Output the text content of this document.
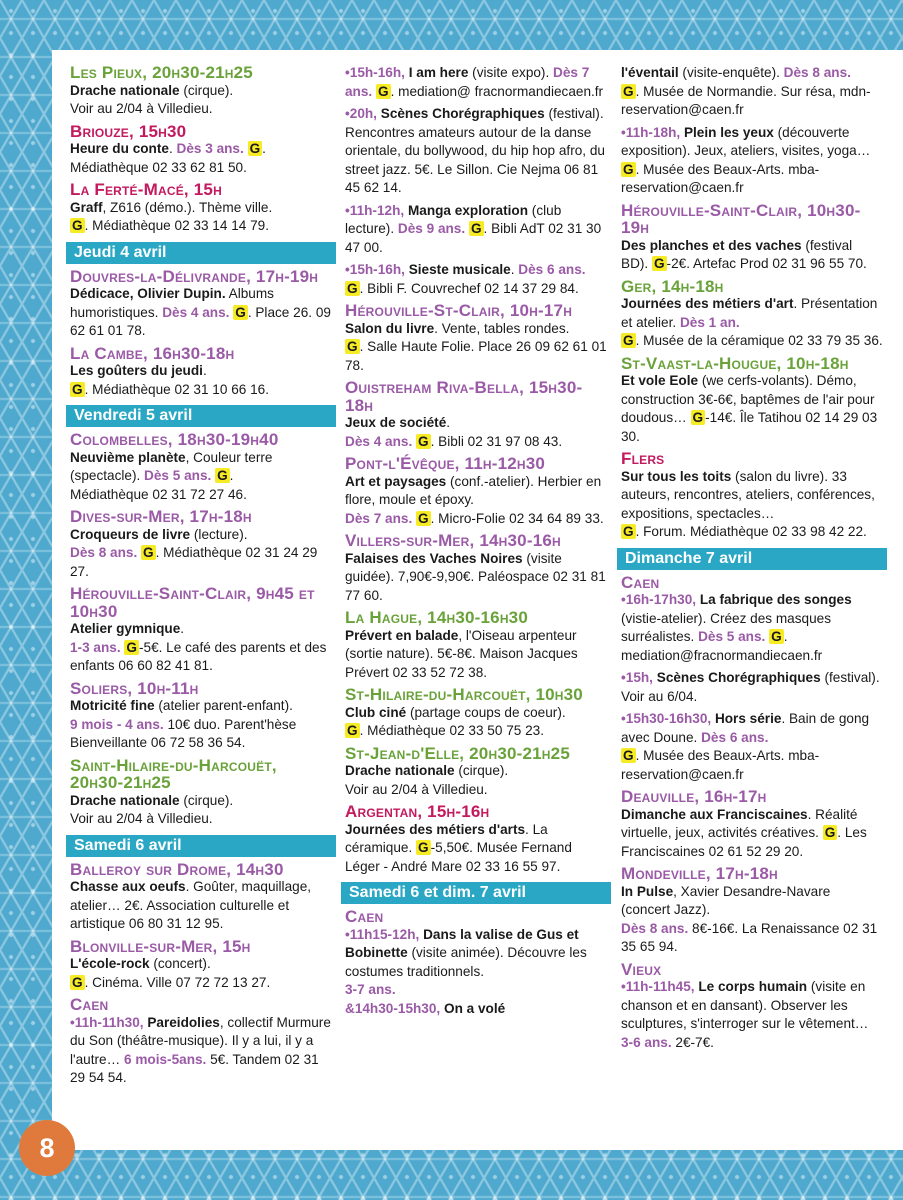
Les Pieux, 20h30-21h25
Drache nationale (cirque).
Voir au 2/04 à Villedieu.
Briouze, 15h30
Heure du conte. Dès 3 ans. G .
Médiathèque 02 33 62 81 50.
La Ferté-Macé, 15h
Graff, Z616 (démo.). Thème ville.
G . Médiathèque 02 33 14 14 79.
Jeudi 4 avril
Douvres-la-Délivrande, 17h-19h
Dédicace, Olivier Dupin. Albums humoristiques. Dès 4 ans. G . Place 26. 09 62 61 01 78.
La Cambe, 16h30-18h
Les goûters du jeudi.
G . Médiathèque 02 31 10 66 16.
Vendredi 5 avril
Colombelles, 18h30-19h40
Neuvième planète, Couleur terre (spectacle). Dès 5 ans. G .
Médiathèque 02 31 72 27 46.
Dives-sur-Mer, 17h-18h
Croqueurs de livre (lecture).
Dès 8 ans. G . Médiathèque 02 31 24 29 27.
Hérouville-Saint-Clair, 9h45 et 10h30
Atelier gymnique.
1-3 ans. G -5€. Le café des parents et des enfants 06 60 82 41 81.
Soliers, 10h-11h
Motricité fine (atelier parent-enfant).
9 mois - 4 ans. 10€ duo. Parent'hèse Bienveillante 06 72 58 36 54.
Saint-Hilaire-du-Harcouët, 20h30-21h25
Drache nationale (cirque).
Voir au 2/04 à Villedieu.
Samedi 6 avril
Balleroy sur Drome, 14h30
Chasse aux oeufs. Goûter, maquillage, atelier… 2€. Association culturelle et artistique 06 80 31 12 95.
Blonville-sur-Mer, 15h
L'école-rock (concert).
G . Cinéma. Ville 07 72 72 13 27.
Caen
•11h-11h30, Pareidolies, collectif Murmure du Son (théâtre-musique). Il y a lui, il y a l'autre… 6 mois-5ans. 5€. Tandem 02 31 29 54 54.
•15h-16h, I am here (visite expo). Dès 7 ans. G . mediation@ fracnormandiecaen.fr
•20h, Scènes Chorégraphiques (festival). Rencontres amateurs autour de la danse orientale, du bollywood, du hip hop afro, du street jazz. 5€. Le Sillon. Cie Nejma 06 81 45 62 14.
•11h-12h, Manga exploration (club lecture). Dès 9 ans. G . Bibli AdT 02 31 30 47 00.
•15h-16h, Sieste musicale. Dès 6 ans. G . Bibli F. Couvrechef 02 14 37 29 84.
Hérouville-St-Clair, 10h-17h
Salon du livre. Vente, tables rondes.
G . Salle Haute Folie. Place 26 09 62 61 01 78.
Ouistreham Riva-Bella, 15h30-18h
Jeux de société.
Dès 4 ans. G . Bibli 02 31 97 08 43.
Pont-l'Évêque, 11h-12h30
Art et paysages (conf.-atelier). Herbier en flore, moule et époxy.
Dès 7 ans. G . Micro-Folie 02 34 64 89 33.
Villers-sur-Mer, 14h30-16h
Falaises des Vaches Noires (visite guidée). 7,90€-9,90€. Paléospace 02 31 81 77 60.
La Hague, 14h30-16h30
Prévert en balade, l'Oiseau arpenteur (sortie nature). 5€-8€. Maison Jacques Prévert 02 33 52 72 38.
St-Hilaire-du-Harcouët, 10h30
Club ciné (partage coups de coeur).
G . Médiathèque 02 33 50 75 23.
St-Jean-d'Elle, 20h30-21h25
Drache nationale (cirque).
Voir au 2/04 à Villedieu.
Argentan, 15h-16h
Journées des métiers d'arts. La céramique. G -5,50€. Musée Fernand Léger - André Mare 02 33 16 55 97.
Samedi 6 et dim. 7 avril
Caen
•11h15-12h, Dans la valise de Gus et Bobinette (visite animée). Découvre les costumes traditionnels.
3-7 ans.
&14h30-15h30, On a volé
l'éventail (visite-enquête). Dès 8 ans.
G . Musée de Normandie. Sur résa, mdn-reservation@caen.fr
•11h-18h, Plein les yeux (découverte exposition). Jeux, ateliers, visites, yoga… G . Musée des Beaux-Arts. mba-reservation@caen.fr
Hérouville-Saint-Clair, 10h30-19h
Des planches et des vaches (festival BD). G -2€. Artefac Prod 02 31 96 55 70.
Ger, 14h-18h
Journées des métiers d'art. Présentation et atelier. Dès 1 an.
G . Musée de la céramique 02 33 79 35 36.
St-Vaast-la-Hougue, 10h-18h
Et vole Eole (we cerfs-volants). Démo, construction 3€-6€, baptêmes de l'air pour doudous… G -14€. Île Tatihou 02 14 29 03 30.
Flers
Sur tous les toits (salon du livre). 33 auteurs, rencontres, ateliers, conférences, expositions, spectacles…
G . Forum. Médiathèque 02 33 98 42 22.
Dimanche 7 avril
Caen
•16h-17h30, La fabrique des songes (vistie-atelier). Créez des masques surréalistes. Dès 5 ans. G . mediation@fracnormandiecaen.fr
•15h, Scènes Chorégraphiques (festival). Voir au 6/04.
•15h30-16h30, Hors série. Bain de gong avec Doune. Dès 6 ans.
G . Musée des Beaux-Arts. mba-reservation@caen.fr
Deauville, 16h-17h
Dimanche aux Franciscaines. Réalité virtuelle, jeux, activités créatives. G . Les Franciscaines 02 61 52 29 20.
Mondeville, 17h-18h
In Pulse, Xavier Desandre-Navare (concert Jazz).
Dès 8 ans. 8€-16€. La Renaissance 02 31 35 65 94.
Vieux
•11h-11h45, Le corps humain (visite en chanson et en dansant). Observer les sculptures, s'interroger sur le vêtement… 3-6 ans. 2€-7€.
8
